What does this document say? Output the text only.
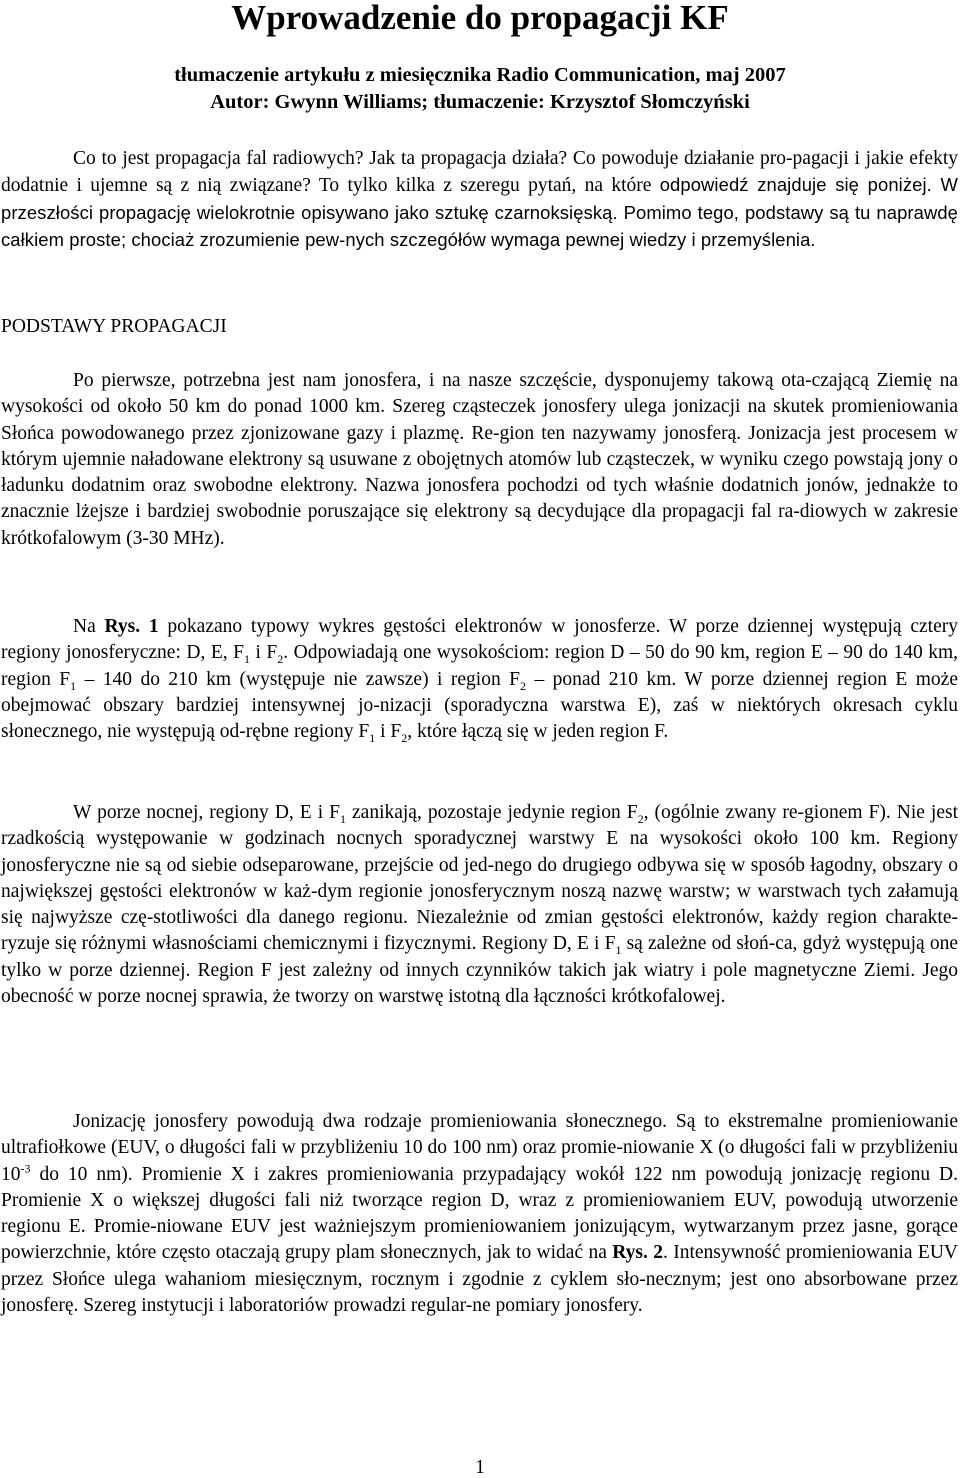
Wprowadzenie do propagacji KF

tłumaczenie artykułu z miesięcznika Radio Communication, maj 2007

Autor: Gwynn Williams; tłumaczenie: Krzysztof Słomczyński

Co to jest propagacja fal radiowych? Jak ta propagacja działa? Co powoduje działanie pro-pagacji i jakie efekty dodatnie i ujemne są z nią związane? To tylko kilka z szeregu pytań, na które odpowiedź znajduje się poniżej. W przeszłości propagację wielokrotnie opisywano jako sztukę czarnoksięską. Pomimo tego, podstawy są tu naprawdę całkiem proste; chociaż zrozumienie pew-nych szczegółów wymaga pewnej wiedzy i przemyślenia.

PODSTAWY PROPAGACJI

Po pierwsze, potrzebna jest nam jonosfera, i na nasze szczęście, dysponujemy takową ota-czającą Ziemię na wysokości od około 50 km do ponad 1000 km. Szereg cząsteczek jonosfery ulega jonizacji na skutek promieniowania Słońca powodowanego przez zjonizowane gazy i plazmę. Re-gion ten nazywamy jonosferą. Jonizacja jest procesem w którym ujemnie naładowane elektrony są usuwane z obojętnych atomów lub cząsteczek, w wyniku czego powstają jony o ładunku dodatnim oraz swobodne elektrony. Nazwa jonosfera pochodzi od tych właśnie dodatnich jonów, jednakże to znacznie lżejsze i bardziej swobodnie poruszające się elektrony są decydujące dla propagacji fal ra-diowych w zakresie krótkofalowym (3-30 MHz).

Na Rys. 1 pokazano typowy wykres gęstości elektronów w jonosferze. W porze dziennej występują cztery regiony jonosferyczne: D, E, $F_1$ i $F_2$. Odpowiadają one wysokościom: region D – 50 do 90 km, region E – 90 do 140 km, region $F_1 - 140$ do 210 km (występuje nie zawsze) i region $F_2$ – ponad 210 km. W porze dziennej region E może obejmować obszary bardziej intensywnej jo-nizacji (sporadyczna warstwa E), zaś w niektórych okresach cyklu słonecznego, nie występują od-rębne regiony $F_1$ i $F_2$, które łączą się w jeden region F.

W porze nocnej, regiony D, E i $F_1$ zanikają, pozostaje jedynie region $F_2$, (ogólnie zwany re-gionem F). Nie jest rzadkością występowanie w godzinach nocnych sporadycznej warstwy E na wysokości około 100 km. Regiony jonosferyczne nie są od siebie odseparowane, przejście od jed-nego do drugiego odbywa się w sposób łagodny, obszary o największej gęstości elektronów w każ-dym regionie jonosferycznym noszą nazwę warstw; w warstwach tych załamują się najwyższe czę-stotliwości dla danego regionu. Niezależnie od zmian gęstości elektronów, każdy region charakte-ryzuje się różnymi własnościami chemicznymi i fizycznymi. Regiony D, E i $F_1$ są zależne od słoń-ca, gdyż występują one tylko w porze dziennej. Region F jest zależny od innych czynników takich jak wiatry i pole magnetyczne Ziemi. Jego obecność w porze nocnej sprawia, że tworzy on warstwę istotną dla łączności krótkofalowej.

Jonizację jonosfery powodują dwa rodzaje promieniowania słonecznego. Są to ekstremalne promieniowanie ultrafiołkowe (EUV, o długości fali w przybliżeniu 10 do 100 nm) oraz promie-niowanie X (o długości fali w przybliżeniu $10^{-3}$ do 10 nm). Promienie X i zakres promieniowania przypadający wokół 122 nm powodują jonizację regionu D. Promienie X o większej długości fali niż tworzące region D, wraz z promieniowaniem EUV, powodują utworzenie regionu E. Promie-niowane EUV jest ważniejszym promieniowaniem jonizującym, wytwarzanym przez jasne, gorące powierzchnie, które często otaczają grupy plam słonecznych, jak to widać na Rys. 2. Intensywność promieniowania EUV przez Słońce ulega wahaniom miesięcznym, rocznym i zgodnie z cyklem sło-necznym; jest ono absorbowane przez jonosferę. Szereg instytucji i laboratoriów prowadzi regular-ne pomiary jonosfery.

1
